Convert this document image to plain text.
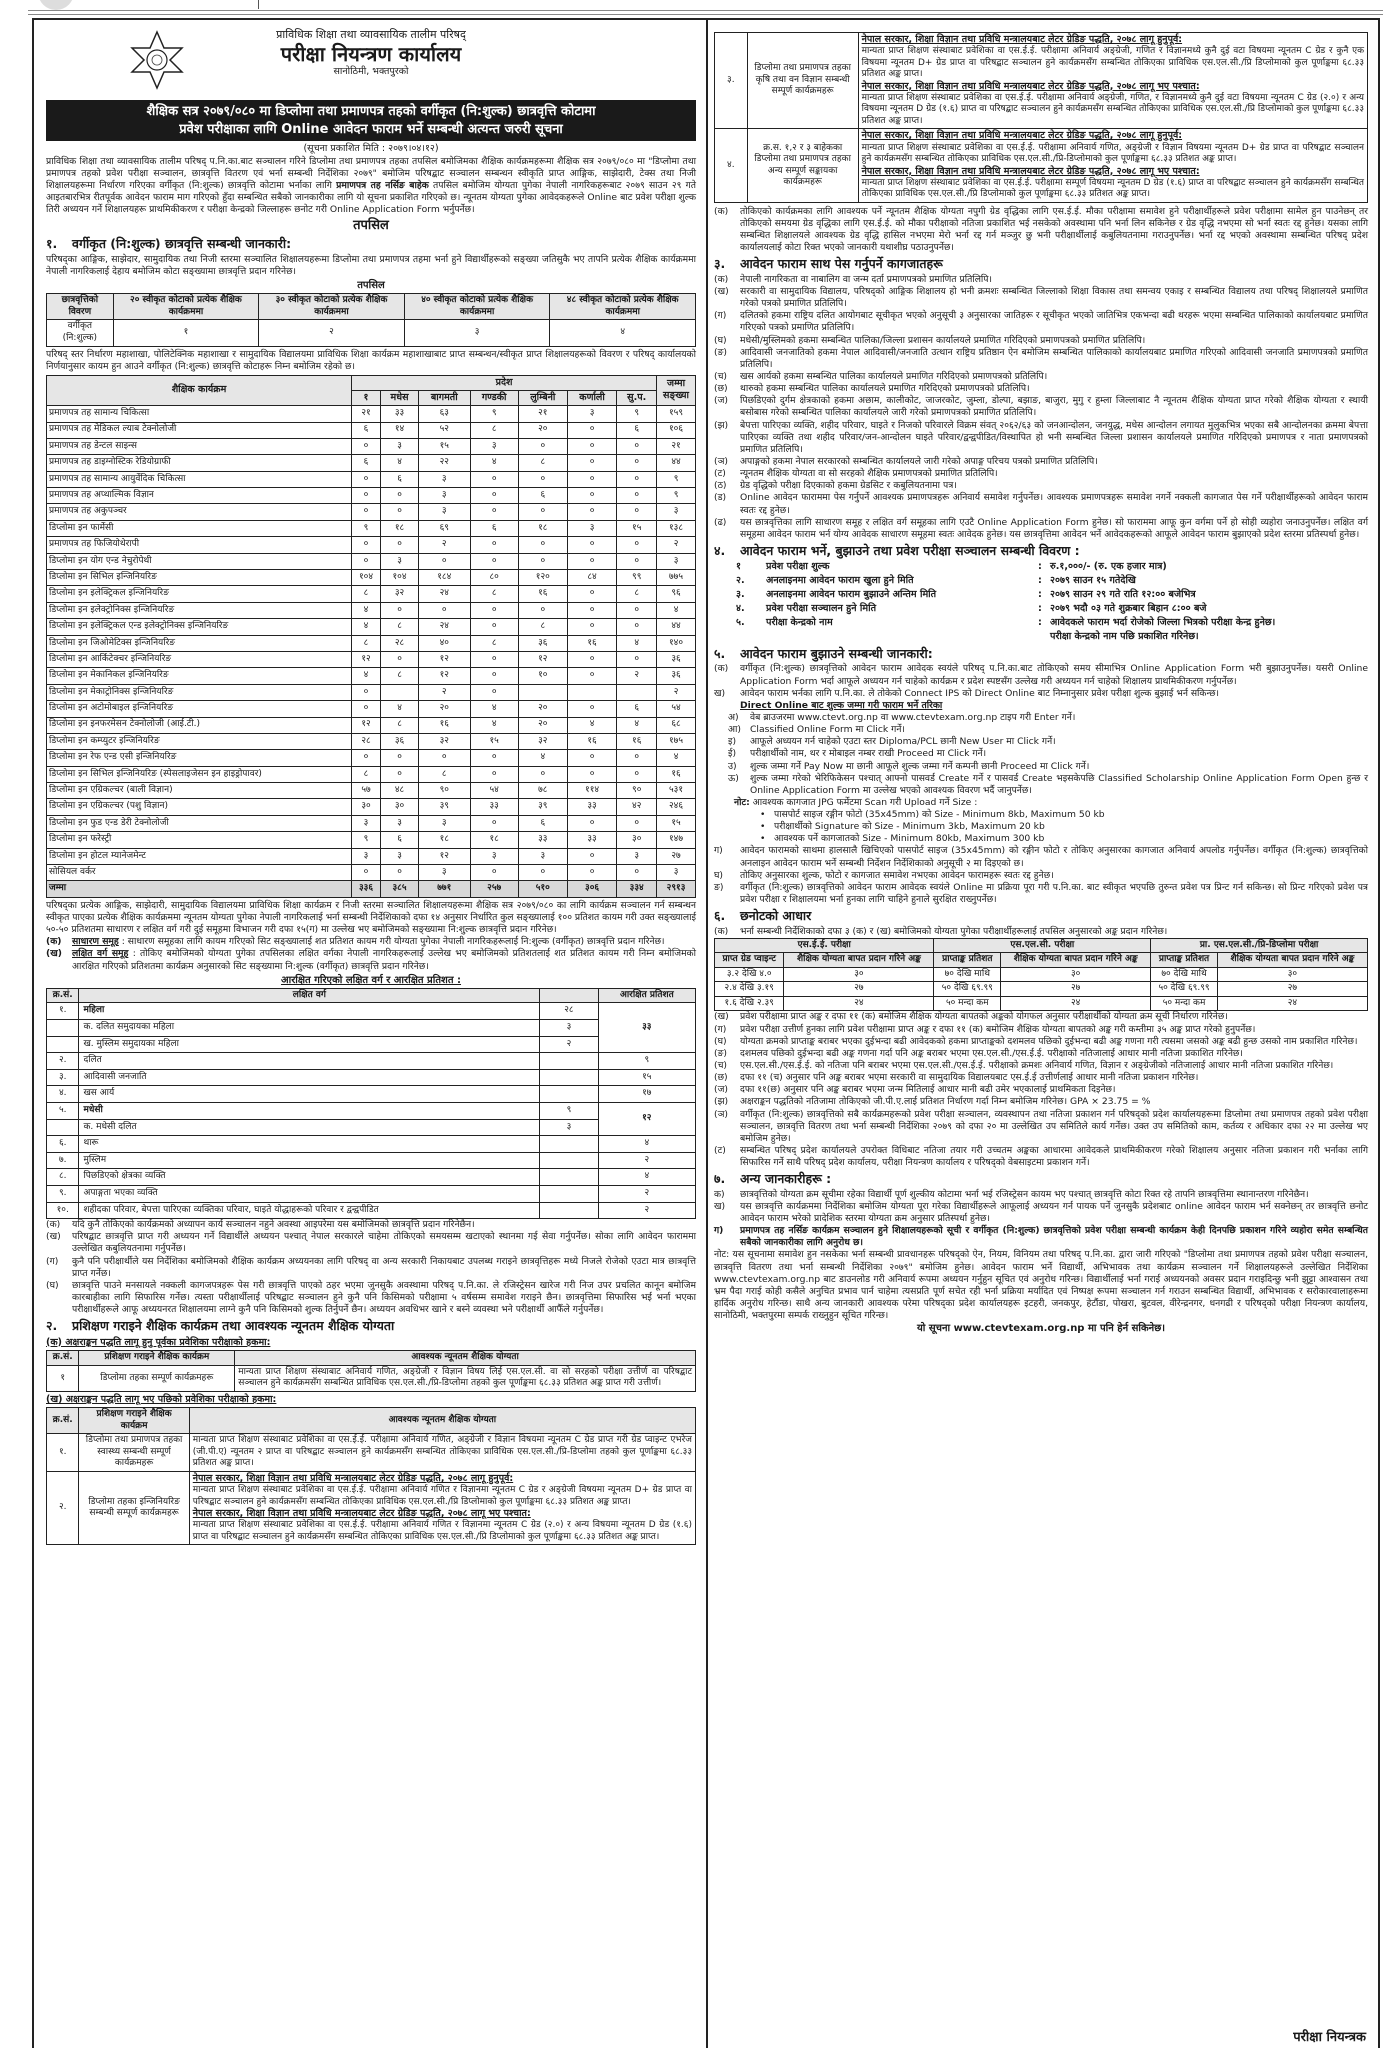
प्राविधिक शिक्षा तथा व्यावसायिक तालीम परिषद्
परीक्षा नियन्त्रण कार्यालय
सानोठिमी, भक्तपुरको
शैक्षिक सत्र २०७९/०८० मा डिप्लोमा तथा प्रमाणपत्र तहको वर्गीकृत (नि:शुल्क) छात्रवृत्ति कोटामा
प्रवेश परीक्षाका लागि Online आवेदन फाराम भर्ने सम्बन्धी अत्यन्त जरुरी सूचना
(सूचना प्रकाशित मिति : २०७९।०४।१२)

प्राविधिक शिक्षा तथा व्यावसायिक तालीम परिषद् प.नि.का.बाट सञ्चालन गरिने डिप्लोमा तथा प्रमाणपत्र तहका तपसिल बमोजिमका शैक्षिक कार्यक्रमहरूमा शैक्षिक सत्र २०७९/०८० मा "डिप्लोमा तथा प्रमाणपत्र तहको प्रवेश परीक्षा सञ्चालन, छात्रवृत्ति वितरण एवं भर्ना सम्बन्धी निर्देशिका २०७९" बमोजिम परिषद्बाट सञ्चालन सम्बन्धन स्वीकृति प्राप्त आङ्गिक, साझेदारी, टेक्स तथा निजी शिक्षालयहरूमा निर्धारण गरिएका वर्गीकृत (नि:शुल्क) छात्रवृत्ति कोटामा भर्नाका लागि प्रमाणपत्र तह नर्सिङ बाहेक तपसिल बमोजिम योग्यता पुगेका नेपाली नागरिकहरूबाट २०७९ साउन २९ गते आइतबारभित्र रीतपूर्वक आवेदन फाराम माग गरिएको हुँदा सम्बन्धित सबैको जानकारीका लागि यो सूचना प्रकाशित गरिएको छ। न्यूनतम योग्यता पुगेका आवेदकहरूले Online बाट प्रवेश परीक्षा शुल्क तिरी अध्ययन गर्ने शिक्षालयहरू प्राथमिकीकरण र परीक्षा केन्द्रको जिल्लाहरू छनोट गरी Online Application Form भर्नुपर्नेछ।

तपसिल
१. वर्गीकृत (नि:शुल्क) छात्रवृत्ति सम्बन्धी जानकारी:

परिषद्का आङ्गिक, साझेदार, सामुदायिक तथा निजी स्तरमा सञ्चालित शिक्षालयहरूमा डिप्लोमा तथा प्रमाणपत्र तहमा भर्ना हुने विद्यार्थीहरूको सङ्ख्या जतिसुकै भए तापनि प्रत्येक शैक्षिक कार्यक्रममा नेपाली नागरिकलाई देहाय बमोजिम कोटा सङ्ख्यामा छात्रवृत्ति प्रदान गरिनेछ।

तपसिल
छात्रवृत्तिको विवरण	२० स्वीकृत कोटाको प्रत्येक शैक्षिक कार्यक्रममा	३० स्वीकृत कोटाको प्रत्येक शैक्षिक कार्यक्रममा	४० स्वीकृत कोटाको प्रत्येक शैक्षिक कार्यक्रममा	४८ स्वीकृत कोटाको प्रत्येक शैक्षिक कार्यक्रममा
वर्गीकृत (नि:शुल्क)	१	२	३	४

परिषद् स्तर निर्धारण महाशाखा, पोलिटेक्निक महाशाखा र सामुदायिक विद्यालयमा प्राविधिक शिक्षा कार्यक्रम महाशाखाबाट प्राप्त सम्बन्धन/स्वीकृत प्राप्त शिक्षालयहरूको विवरण र परिषद् कार्यालयको निर्णयानुसार कायम हुन आउने वर्गीकृत (नि:शुल्क) छात्रवृत्ति कोटाहरू निम्न बमोजिम रहेको छ।

शैक्षिक कार्यक्रम	प्रदेश							जम्मा सङ्ख्या
	१	मधेस	बागमती	गण्डकी	लुम्बिनी	कर्णाली	सु.प.	
प्रमाणपत्र तह सामान्य चिकित्सा	२१	३३	६३	९	२१	३	९	१५९
प्रमाणपत्र तह मेडिकल ल्याब टेक्नोलोजी	६	१४	५२	८	२०	०	६	१०६
प्रमाणपत्र तह डेन्टल साइन्स	०	३	१५	३	०	०	०	२१
प्रमाणपत्र तह डाइग्नोस्टिक रेडियोग्राफी	६	४	२२	४	८	०	०	४४
प्रमाणपत्र तह सामान्य आयुर्वेदिक चिकित्सा	०	६	३	०	०	०	०	९
प्रमाणपत्र तह अप्थाल्मिक विज्ञान	०	०	३	०	६	०	०	९
प्रमाणपत्र तह अकुपञ्चर	०	०	३	०	०	०	०	३
डिप्लोमा इन फार्मेसी	९	१८	६९	६	१८	३	१५	१३८
प्रमाणपत्र तह फिजियोथेरापी	०	०	२	०	०	०	०	२
डिप्लोमा इन योग एन्ड नेचुरोपेथी	०	३	०	०	०	०	०	३
डिप्लोमा इन सिभिल इन्जिनियरिङ	१०४	१०४	१८४	८०	१२०	८४	९९	७७५
डिप्लोमा इन इलेक्ट्रिकल इन्जिनियरिङ	८	३२	२४	८	१६	०	८	९६
डिप्लोमा इन इलेक्ट्रोनिक्स इन्जिनियरिङ	४	०	०	०	०	०	०	४
डिप्लोमा इन इलेक्ट्रिकल एन्ड इलेक्ट्रोनिक्स इन्जिनियरिङ	४	८	२४	०	८	०	०	४४
डिप्लोमा इन जिओमेटिक्स इन्जिनियरिङ	८	२८	४०	८	३६	१६	४	१४०
डिप्लोमा इन आर्किटेक्चर इन्जिनियरिङ	१२	०	१२	०	१२	०	०	३६
डिप्लोमा इन मेकानिकल इन्जिनियरिङ	४	८	१२	०	१०	०	२	३६
डिप्लोमा इन मेकाट्रोनिक्स इन्जिनियरिङ	०		२	०				२
डिप्लोमा इन अटोमोबाइल इन्जिनियरिङ	०	४	२०	४	२०	०	६	५४
डिप्लोमा इन इनफरमेसन टेक्नोलोजी (आई.टी.)	१२	८	१६	४	२०	४	४	६८
डिप्लोमा इन कम्प्युटर इन्जिनियरिङ	२८	३६	३२	१५	३२	१६	१६	१७५
डिप्लोमा इन रेफ एन्ड एसी इन्जिनियरिङ	०	०	०	०	४	०	०	४
डिप्लोमा इन सिभिल इन्जिनियरिङ (स्पेसलाइजेसन इन हाइड्रोपावर)	८	०	८	०	०	०	०	१६
डिप्लोमा इन एग्रिकल्चर (बाली विज्ञान)	५७	४८	९०	५४	७८	११४	९०	५३१
डिप्लोमा इन एग्रिकल्चर (पशु विज्ञान)	३०	३०	३९	३३	३९	३३	४२	२४६
डिप्लोमा इन फुड एन्ड डेरी टेक्नोलोजी	३	३	३	०	६	०	०	१५
डिप्लोमा इन फरेस्ट्री	९	६	१८	१८	३३	३३	३०	१४७
डिप्लोमा इन होटल म्यानेजमेन्ट	३	३	१२	३	३	०	३	२७
सोसियल वर्कर	०	०	३	०	०	०	०	३
जम्मा	३३६	३८५	७७१	२५७	५१०	३०६	३३४	२९१३

परिषद्का प्रत्येक आङ्गिक, साझेदारी, सामुदायिक विद्यालयमा प्राविधिक शिक्षा कार्यक्रम र निजी स्तरमा सञ्चालित शिक्षालयहरूमा शैक्षिक सत्र २०७९/०८० का लागि कार्यक्रम सञ्चालन गर्न सम्बन्धन स्वीकृत पाएका प्रत्येक शैक्षिक कार्यक्रममा न्यूनतम योग्यता पुगेका नेपाली नागरिकलाई भर्ना सम्बन्धी निर्देशिकाको दफा १४ अनुसार निर्धारित कुल सङ्ख्यालाई १०० प्रतिशत कायम गरी उक्त सङ्ख्यालाई ५०-५० प्रतिशतमा साधारण र लक्षित वर्ग गरी दुई समूहमा विभाजन गरी दफा १५(ग) मा उल्लेख भए बमोजिमको सङ्ख्यामा नि:शुल्क छात्रवृत्ति प्रदान गरिनेछ।

(क)	साधारण समूह : साधारण समूहका लागि कायम गरिएको सिट सङ्ख्यालाई शत प्रतिशत कायम गरी योग्यता पुगेका नेपाली नागरिकहरूलाई नि:शुल्क (वर्गीकृत) छात्रवृत्ति प्रदान गरिनेछ।
(ख)	लक्षित वर्ग समूह : तोकिए बमोजिमको योग्यता पुगेका तपसिलका लक्षित वर्गका नेपाली नागरिकहरूलाई उल्लेख भए बमोजिमको प्रतिशतलाई शत प्रतिशत कायम गरी निम्न बमोजिमको आरक्षित गरिएको प्रतिशतमा कार्यक्रम अनुसारको सिट सङ्ख्यामा नि:शुल्क (वर्गीकृत) छात्रवृत्ति प्रदान गरिनेछ।
आरक्षित गरिएको लक्षित वर्ग र आरक्षित प्रतिशत :
क्र.सं.	लक्षित वर्ग		आरक्षित प्रतिशत
१.	महिला	२८	३३
	क. दलित समुदायका महिला	३	
	ख. मुस्लिम समुदायका महिला	२	
२.	दलित		९
३.	आदिवासी जनजाति		१५
४.	खस आर्य		१७
५.	मधेसी	९	१२
	क. मधेसी दलित	३	
६.	थारू		४
७.	मुस्लिम		२
८.	पिछडिएको क्षेत्रका व्यक्ति		४
९.	अपाङ्गता भएका व्यक्ति		२
१०.	शहीदका परिवार, बेपत्ता पारिएका व्यक्तिका परिवार, घाइते योद्धाहरूको परिवार र द्वन्द्वपीडित		२
(क)	यदि कुनै तोकिएको कार्यक्रमको अध्यापन कार्य सञ्चालन नहुने अवस्था आइपरेमा यस बमोजिमको छात्रवृत्ति प्रदान गरिनेछैन।
(ख)	परिषद्बाट छात्रवृत्ति प्राप्त गरी अध्ययन गर्ने विद्यार्थीले अध्ययन पश्चात् नेपाल सरकारले चाहेमा तोकिएको समयसम्म खटाएको स्थानमा गई सेवा गर्नुपर्नेछ। सोका लागि आवेदन फाराममा उल्लेखित कबुलियतनामा गर्नुपर्नेछ।
(ग)	कुनै पनि परीक्षार्थीले यस निर्देशिका बमोजिमको शैक्षिक कार्यक्रम अध्ययनका लागि परिषद् वा अन्य सरकारी निकायबाट उपलब्ध गराइने छात्रवृत्तिहरू मध्ये निजले रोजेको एउटा मात्र छात्रवृत्ति प्राप्त गर्नेछ।
(घ)	छात्रवृत्ति पाउने मनसायले नक्कली कागजपत्रहरू पेस गरी छात्रवृत्ति पाएको ठहर भएमा जुनसुकै अवस्थामा परिषद् प.नि.का. ले रजिस्ट्रेसन खारेज गरी निज उपर प्रचलित कानून बमोजिम कारबाहीका लागि सिफारिस गर्नेछ। त्यस्ता परीक्षार्थीलाई परिषद्बाट सञ्चालन हुने कुनै पनि किसिमको परीक्षामा ५ वर्षसम्म समावेश गराइने छैन। छात्रवृत्तिमा सिफारिस भई भर्ना भएका परीक्षार्थीहरूले आफू अध्ययनरत शिक्षालयमा लाग्ने कुनै पनि किसिमको शुल्क तिर्नुपर्ने छैन। अध्ययन अवधिभर खाने र बस्ने व्यवस्था भने परीक्षार्थी आफैँले गर्नुपर्नेछ।
२. प्रशिक्षण गराइने शैक्षिक कार्यक्रम तथा आवश्यक न्यूनतम शैक्षिक योग्यता
(क) अक्षराङ्कन पद्धति लागू हुनु पूर्वका प्रवेशिका परीक्षाको हकमा:
क्र.सं.	प्रशिक्षण गराइने शैक्षिक कार्यक्रम	आवश्यक न्यूनतम शैक्षिक योग्यता
१	डिप्लोमा तहका सम्पूर्ण कार्यक्रमहरू	मान्यता प्राप्त शिक्षण संस्थाबाट अनिवार्य गणित, अङ्ग्रेजी र विज्ञान विषय लिई एस.एल.सी. वा सो सरहको परीक्षा उत्तीर्ण वा परिषद्बाट सञ्चालन हुने कार्यक्रमसँग सम्बन्धित प्राविधिक एस.एल.सी./प्रि-डिप्लोमा तहको कुल पूर्णाङ्कमा ६८.३३ प्रतिशत अङ्क प्राप्त गरी उत्तीर्ण।
(ख) अक्षराङ्कन पद्धति लागू भए पछिको प्रवेशिका परीक्षाको हकमा:
क्र.सं.	प्रशिक्षण गराइने शैक्षिक कार्यक्रम	आवश्यक न्यूनतम शैक्षिक योग्यता
१.	डिप्लोमा तथा प्रमाणपत्र तहका स्वास्थ्य सम्बन्धी सम्पूर्ण कार्यक्रमहरू	मान्यता प्राप्त शिक्षण संस्थाबाट प्रवेशिका वा एस.ई.ई. परीक्षामा अनिवार्य गणित, अङ्ग्रेजी र विज्ञान विषयमा न्यूनतम C ग्रेड प्राप्त गरी ग्रेड प्वाइन्ट एभरेज (जी.पी.ए) न्यूनतम २ प्राप्त वा परिषद्बाट सञ्चालन हुने कार्यक्रमसँग सम्बन्धित तोकिएका प्राविधिक एस.एल.सी./प्रि-डिप्लोमा तहको कुल पूर्णाङ्कमा ६८.३३ प्रतिशत अङ्क प्राप्त।
२.	डिप्लोमा तहका इन्जिनियरिङ सम्बन्धी सम्पूर्ण कार्यक्रमहरू	नेपाल सरकार, शिक्षा विज्ञान तथा प्रविधि मन्त्रालयबाट लेटर ग्रेडिङ पद्धति, २०७८ लागू हुनुपूर्व:
मान्यता प्राप्त शिक्षण संस्थाबाट प्रवेशिका वा एस.ई.ई. परीक्षामा अनिवार्य गणित र विज्ञानमा न्यूनतम C ग्रेड र अङ्ग्रेजी विषयमा न्यूनतम D+ ग्रेड प्राप्त वा परिषद्बाट सञ्चालन हुने कार्यक्रमसँग सम्बन्धित तोकिएका प्राविधिक एस.एल.सी./प्रि डिप्लोमाको कुल पूर्णाङ्कमा ६८.३३ प्रतिशत अङ्क प्राप्त।
नेपाल सरकार, शिक्षा विज्ञान तथा प्रविधि मन्त्रालयबाट लेटर ग्रेडिङ पद्धति, २०७८ लागू भए पश्चात:
मान्यता प्राप्त शिक्षण संस्थाबाट प्रवेशिका वा एस.ई.ई. परीक्षामा अनिवार्य गणित र विज्ञानमा न्यूनतम C ग्रेड (२.०) र अन्य विषयमा न्यूनतम D ग्रेड (१.६) प्राप्त वा परिषद्बाट सञ्चालन हुने कार्यक्रमसँग सम्बन्धित तोकिएका प्राविधिक एस.एल.सी./प्रि डिप्लोमाको कुल पूर्णाङ्कमा ६८.३३ प्रतिशत अङ्क प्राप्त।
३.	डिप्लोमा तथा प्रमाणपत्र तहका कृषि तथा वन विज्ञान सम्बन्धी सम्पूर्ण कार्यक्रमहरू	नेपाल सरकार, शिक्षा विज्ञान तथा प्रविधि मन्त्रालयबाट लेटर ग्रेडिङ पद्धति, २०७८ लागू हुनुपूर्व:
मान्यता प्राप्त शिक्षण संस्थाबाट प्रवेशिका वा एस.ई.ई. परीक्षामा अनिवार्य अङ्ग्रेजी, गणित र विज्ञानमध्ये कुनै दुई वटा विषयमा न्यूनतम C ग्रेड र कुनै एक विषयमा न्यूनतम D+ ग्रेड प्राप्त वा परिषद्बाट सञ्चालन हुने कार्यक्रमसँग सम्बन्धित तोकिएका प्राविधिक एस.एल.सी./प्रि डिप्लोमाको कुल पूर्णाङ्कमा ६८.३३ प्रतिशत अङ्क प्राप्त।
नेपाल सरकार, शिक्षा विज्ञान तथा प्रविधि मन्त्रालयबाट लेटर ग्रेडिङ पद्धति, २०७८ लागू भए पश्चात:
मान्यता प्राप्त शिक्षण संस्थाबाट प्रवेशिका वा एस.ई.ई. परीक्षामा अनिवार्य अङ्ग्रेजी, गणित, र विज्ञानमध्ये कुनै दुई वटा विषयमा न्यूनतम C ग्रेड (२.०) र अन्य विषयमा न्यूनतम D ग्रेड (१.६) प्राप्त वा परिषद्बाट सञ्चालन हुने कार्यक्रमसँग सम्बन्धित तोकिएका प्राविधिक एस.एल.सी./प्रि डिप्लोमाको कुल पूर्णाङ्कमा ६८.३३ प्रतिशत अङ्क प्राप्त।
४.	क्र.स. १,२ र ३ बाहेकका डिप्लोमा तथा प्रमाणपत्र तहका अन्य सम्पूर्ण सङ्कायका कार्यक्रमहरू	नेपाल सरकार, शिक्षा विज्ञान तथा प्रविधि मन्त्रालयबाट लेटर ग्रेडिङ पद्धति, २०७८ लागू हुनुपूर्व:
मान्यता प्राप्त शिक्षण संस्थाबाट प्रवेशिका वा एस.ई.ई. परीक्षामा अनिवार्य गणित, अङ्ग्रेजी र विज्ञान विषयमा न्यूनतम D+ ग्रेड प्राप्त वा परिषद्बाट सञ्चालन हुने कार्यक्रमसँग सम्बन्धित तोकिएका प्राविधिक एस.एल.सी./प्रि-डिप्लोमाको कुल पूर्णाङ्कमा ६८.३३ प्रतिशत अङ्क प्राप्त।
नेपाल सरकार, शिक्षा विज्ञान तथा प्रविधि मन्त्रालयबाट लेटर ग्रेडिङ पद्धति, २०७८ लागू भए पश्चात:
मान्यता प्राप्त शिक्षण संस्थाबाट प्रवेशिका वा एस.ई.ई. परीक्षामा सम्पूर्ण विषयमा न्यूनतम D ग्रेड (१.६) प्राप्त वा परिषद्बाट सञ्चालन हुने कार्यक्रमसँग सम्बन्धित तोकिएका प्राविधिक एस.एल.सी./प्रि डिप्लोमाको कुल पूर्णाङ्कमा ६८.३३ प्रतिशत अङ्क प्राप्त।
(क)	तोकिएको कार्यक्रमका लागि आवश्यक पर्ने न्यूनतम शैक्षिक योग्यता नपुगी ग्रेड वृद्धिका लागि एस.ई.ई. मौका परीक्षामा समावेश हुने परीक्षार्थीहरूले प्रवेश परीक्षामा सामेल हुन पाउनेछन् तर तोकिएको समयमा ग्रेड वृद्धिका लागि एस.ई.ई. को मौका परीक्षाको नतिजा प्रकाशित भई नसकेको अवस्थामा पनि भर्ना लिन सकिनेछ र ग्रेड वृद्धि नभएमा सो भर्ना स्वतः रद्द हुनेछ। यसका लागि सम्बन्धित शिक्षालयले आवश्यक ग्रेड वृद्धि हासिल नभएमा मेरो भर्ना रद्द गर्न मञ्जुर छु भनी परीक्षार्थीलाई कबुलियतनामा गराउनुपर्नेछ। भर्ना रद्द भएको अवस्थामा सम्बन्धित परिषद् प्रदेश कार्यालयलाई कोटा रिक्त भएको जानकारी यथाशीघ्र पठाउनुपर्नेछ।
३. आवेदन फाराम साथ पेस गर्नुपर्ने कागजातहरू
(क)	नेपाली नागरिकता वा नाबालिग वा जन्म दर्ता प्रमाणपत्रको प्रमाणित प्रतिलिपि।
(ख)	सरकारी वा सामुदायिक विद्यालय, परिषद्को आङ्गिक शिक्षालय हो भनी क्रमशः सम्बन्धित जिल्लाको शिक्षा विकास तथा समन्वय एकाइ र सम्बन्धित विद्यालय तथा परिषद् शिक्षालयले प्रमाणित गरेको पत्रको प्रमाणित प्रतिलिपि।
(ग)	दलितको हकमा राष्ट्रिय दलित आयोगबाट सूचीकृत भएको अनुसूची ३ अनुसारका जातिहरू र सूचीकृत भएको जातिभित्र एकभन्दा बढी थरहरू भएमा सम्बन्धित पालिकाको कार्यालयबाट प्रमाणित गरिएको पत्रको प्रमाणित प्रतिलिपि।
(घ)	मधेसी/मुस्लिमको हकमा सम्बन्धित पालिका/जिल्ला प्रशासन कार्यालयले प्रमाणित गरिदिएको प्रमाणपत्रको प्रमाणित प्रतिलिपि।
(ङ)	आदिवासी जनजातिको हकमा नेपाल आदिवासी/जनजाति उत्थान राष्ट्रिय प्रतिष्ठान ऐन बमोजिम सम्बन्धित पालिकाको कार्यालयबाट प्रमाणित गरिएको आदिवासी जनजाति प्रमाणपत्रको प्रमाणित प्रतिलिपि।
(च)	खस आर्यको हकमा सम्बन्धित पालिका कार्यालयले प्रमाणित गरिदिएको प्रमाणपत्रको प्रतिलिपि।
(छ)	थारुको हकमा सम्बन्धित पालिका कार्यालयले प्रमाणित गरिदिएको प्रमाणपत्रको प्रतिलिपि।
(ज)	पिछडिएको दुर्गम क्षेत्रकाको हकमा अछाम, कालीकोट, जाजरकोट, जुम्ला, डोल्पा, बझाङ, बाजुरा, मुगु र हुम्ला जिल्लाबाट नै न्यूनतम शैक्षिक योग्यता प्राप्त गरेको शैक्षिक योग्यता र स्थायी बसोबास गरेको सम्बन्धित पालिका कार्यालयले जारी गरेको प्रमाणपत्रको प्रमाणित प्रतिलिपि।
(झ)	बेपत्ता पारिएका व्यक्ति, शहीद परिवार, घाइते र निजको परिवारले विक्रम संवत् २०६२/६३ को जनआन्दोलन, जनयुद्ध, मधेस आन्दोलन लगायत मुलुकभित्र भएका सबै आन्दोलनका क्रममा बेपत्ता पारिएका व्यक्ति तथा शहीद परिवार/जन-आन्दोलन घाइते परिवार/द्वन्द्वपीडित/विस्थापित हो भनी सम्बन्धित जिल्ला प्रशासन कार्यालयले प्रमाणित गरिदिएको प्रमाणपत्र र नाता प्रमाणपत्रको प्रमाणित प्रतिलिपि।
(ञ)	अपाङ्गको हकमा नेपाल सरकारको सम्बन्धित कार्यालयले जारी गरेको अपाङ्ग परिचय पत्रको प्रमाणित प्रतिलिपि।
(ट)	न्यूनतम शैक्षिक योग्यता वा सो सरहको शैक्षिक प्रमाणपत्रको प्रमाणित प्रतिलिपि।
(ठ)	ग्रेड वृद्धिको परीक्षा दिएकाको हकमा ग्रेडसिट र कबुलियतनामा पत्र।
(ड)	Online आवेदन फाराममा पेस गर्नुपर्ने आवश्यक प्रमाणपत्रहरू अनिवार्य समावेश गर्नुपर्नेछ। आवश्यक प्रमाणपत्रहरू समावेश नगर्ने नक्कली कागजात पेस गर्ने परीक्षार्थीहरूको आवेदन फाराम स्वतः रद्द हुनेछ।
(ढ)	यस छात्रवृत्तिका लागि साधारण समूह र लक्षित वर्ग समूहका लागि एउटै Online Application Form हुनेछ। सो फाराममा आफू कुन वर्गमा पर्ने हो सोही व्यहोरा जनाउनुपर्नेछ। लक्षित वर्ग समूहमा आवेदन फाराम भर्न योग्य आवेदक साधारण समूहमा स्वतः आवेदक हुनेछ। यस छात्रवृत्तिमा आवेदन भर्ने आवेदकहरूको आफूले आवेदन फाराम बुझाएको प्रदेश स्तरमा प्रतिस्पर्धा हुनेछ।
४. आवेदन फाराम भर्ने, बुझाउने तथा प्रवेश परीक्षा सञ्चालन सम्बन्धी विवरण :
१	प्रवेश परीक्षा शुल्क	: रु.१,०००/- (रु. एक हजार मात्र)
२.	अनलाइनमा आवेदन फाराम खुला हुने मिति	: २०७९ साउन १५ गतेदेखि
३.	अनलाइनमा आवेदन फाराम बुझाउने अन्तिम मिति	: २०७९ साउन २९ गते राति १२:०० बजेभित्र
४.	प्रवेश परीक्षा सञ्चालन हुने मिति	: २०७९ भदौ ०३ गते शुक्रबार बिहान ८:०० बजे
५.	परीक्षा केन्द्रको नाम	: आवेदकले फाराम भर्दा रोजेको जिल्ला भित्रको परीक्षा केन्द्र हुनेछ।
परीक्षा केन्द्रको नाम पछि प्रकाशित गरिनेछ।
५. आवेदन फाराम बुझाउने सम्बन्धी जानकारी:
(क)	वर्गीकृत (नि:शुल्क) छात्रवृत्तिको आवेदन फाराम आवेदक स्वयंले परिषद् प.नि.का.बाट तोकिएको समय सीमाभित्र Online Application Form भरी बुझाउनुपर्नेछ। यसरी Online Application Form भर्दा आफूले अध्ययन गर्न चाहेको कार्यक्रम र प्रदेश स्पष्टसँग उल्लेख गरी अध्ययन गर्न चाहेको शिक्षालय प्राथमिकीकरण गर्नुपर्नेछ।
ख)	आवेदन फाराम भर्नका लागि प.नि.का. ले तोकेको Connect IPS को Direct Online बाट निम्नानुसार प्रवेश परीक्षा शुल्क बुझाई भर्न सकिन्छ।
Direct Online बाट शुल्क जम्मा गरी फाराम भर्ने तरिका
अ)	वेब ब्राउजरमा www.ctevt.org.np वा www.ctevtexam.org.np टाइप गरी Enter गर्ने।
आ) Classified Online Form मा Click गर्ने।
इ)	आफूले अध्ययन गर्न चाहेको एउटा स्तर Diploma/PCL छानी New User मा Click गर्ने।
ई)	परीक्षार्थीको नाम, थर र मोबाइल नम्बर राखी Proceed मा Click गर्ने।
उ)	शुल्क जम्मा गर्ने Pay Now मा छानी आफूले शुल्क जम्मा गर्ने कम्पनी छानी Proceed मा Click गर्ने।
ऊ)	शुल्क जम्मा गरेको भेरिफिकेसन पश्चात् आफ्नो पासवर्ड Create गर्ने र पासवर्ड Create भइसकेपछि Classified Scholarship Online Application Form Open हुन्छ र Online Application Form मा उल्लेख भएको आवश्यक विवरण भर्दै जानुपर्नेछ।
नोट: आवश्यक कागजात JPG फर्मेटमा Scan गरी Upload गर्ने Size :
• पासपोर्ट साइज रङ्गीन फोटो (35x45mm) को Size - Minimum 8kb, Maximum 50 kb
• परीक्षार्थीको Signature को Size - Minimum 3kb, Maximum 20 kb
• आवश्यक पर्ने कागजातको Size - Minimum 80kb, Maximum 300 kb
ग)	आवेदन फारामको साथमा हालसालै खिचिएको पासपोर्ट साइज (35x45mm) को रङ्गीन फोटो र तोकिए अनुसारका कागजात अनिवार्य अपलोड गर्नुपर्नेछ। वर्गीकृत (नि:शुल्क) छात्रवृत्तिको अनलाइन आवेदन फाराम भर्ने सम्बन्धी निर्देशन निर्देशिकाको अनुसूची २ मा दिइएको छ।
घ)	तोकिए अनुसारका शुल्क, फोटो र कागजात समावेश नभएका आवेदन फारामहरू स्वतः रद्द हुनेछ।
ङ)	वर्गीकृत (नि:शुल्क) छात्रवृत्तिको आवेदन फाराम आवेदक स्वयंले Online मा प्रक्रिया पूरा गरी प.नि.का. बाट स्वीकृत भएपछि तुरुन्त प्रवेश पत्र प्रिन्ट गर्न सकिन्छ। सो प्रिन्ट गरिएको प्रवेश पत्र प्रवेश परीक्षा र शिक्षालयमा भर्ना हुनका लागि चाहिने हुनाले सुरक्षित राख्नुपर्नेछ।
६. छनोटको आधार
(क)	भर्ना सम्बन्धी निर्देशिकाको दफा ३ (क) र (ख) बमोजिमको योग्यता पुगेका परीक्षार्थीहरूलाई तपसिल अनुसारको अङ्क प्रदान गरिनेछ।
एस.ई.ई. परीक्षा		एस.एल.सी. परीक्षा		प्रा. एस.एल.सी./प्रि-डिप्लोमा परीक्षा	
प्राप्त ग्रेड प्वाइन्ट	शैक्षिक योग्यता बापत प्रदान गरिने अङ्क	प्राप्ताङ्क प्रतिशत	शैक्षिक योग्यता बापत प्रदान गरिने अङ्क	प्राप्ताङ्क प्रतिशत	शैक्षिक योग्यता बापत प्रदान गरिने अङ्क
३.२ देखि ४.०	३०	७० देखि माथि	३०	७० देखि माथि	३०
२.४ देखि ३.१९	२७	५० देखि ६९.९९	२७	५० देखि ६९.९९	२७
१.६ देखि २.३९	२४	५० मन्दा कम	२४	५० मन्दा कम	२४
(ख)	प्रवेश परीक्षामा प्राप्त अङ्क र दफा ११ (क) बमोजिम शैक्षिक योग्यता बापतको अङ्कको योगफल अनुसार परीक्षार्थीको योग्यता क्रम सूची निर्धारण गरिनेछ।
(ग)	प्रवेश परीक्षा उत्तीर्ण हुनका लागि प्रवेश परीक्षामा प्राप्त अङ्क र दफा ११ (क) बमोजिम शैक्षिक योग्यता बापतको अङ्क गरी कम्तीमा ३५ अङ्क प्राप्त गरेको हुनुपर्नेछ।
(घ)	योग्यता क्रमको प्राप्ताङ्क बराबर भएका दुईभन्दा बढी आवेदकको हकमा प्राप्ताङ्कको दशमलव पछिको दुईभन्दा बढी अङ्क गणना गरी त्यसमा जसको अङ्क बढी हुन्छ उसको नाम प्रकाशित गरिनेछ।
(ङ)	दशमलव पछिको दुईभन्दा बढी अङ्क गणना गर्दा पनि अङ्क बराबर भएमा एस.एल.सी./एस.ई.ई. परीक्षाको नतिजालाई आधार मानी नतिजा प्रकाशित गरिनेछ।
(च)	एस.एल.सी./एस.ई.ई. को नतिजा पनि बराबर भएमा एस.एल.सी./एस.ई.ई. परीक्षाको क्रमशः अनिवार्य गणित, विज्ञान र अङ्ग्रेजीको नतिजालाई आधार मानी नतिजा प्रकाशित गरिनेछ।
(छ)	दफा ११ (च) अनुसार पनि अङ्क बराबर भएमा सरकारी वा सामुदायिक विद्यालयबाट एस.ई.ई उत्तीर्णलाई आधार मानी नतिजा प्रकाशन गरिनेछ।
(ज)	दफा ११(छ) अनुसार पनि अङ्क बराबर भएमा जन्म मितिलाई आधार मानी बढी उमेर भएकालाई प्राथमिकता दिइनेछ।
(झ)	अक्षराङ्कन पद्धतिको नतिजामा तोकिएको जी.पी.ए.लाई प्रतिशत निर्धारण गर्दा निम्न बमोजिम गरिनेछ। GPA × 23.75 = %
(ञ)	वर्गीकृत (नि:शुल्क) छात्रवृत्तिको सबै कार्यक्रमहरूको प्रवेश परीक्षा सञ्चालन, व्यवस्थापन तथा नतिजा प्रकाशन गर्न परिषद्को प्रदेश कार्यालयहरूमा डिप्लोमा तथा प्रमाणपत्र तहको प्रवेश परीक्षा सञ्चालन, छात्रवृत्ति वितरण तथा भर्ना सम्बन्धी निर्देशिका २०७९ को दफा २० मा उल्लेखित उप समितिले कार्य गर्नेछ। उक्त उप समितिको काम, कर्तव्य र अधिकार दफा २२ मा उल्लेख भए बमोजिम हुनेछ।
(ट)	सम्बन्धित परिषद् प्रदेश कार्यालयले उपरोक्त विधिबाट नतिजा तयार गरी उच्चतम अङ्कका आधारमा आवेदकले प्राथमिकीकरण गरेको शिक्षालय अनुसार नतिजा प्रकाशन गरी भर्नाका लागि सिफारिस गर्ने साथै परिषद् प्रदेश कार्यालय, परीक्षा नियन्त्रण कार्यालय र परिषद्को वेबसाइटमा प्रकाशन गर्ने।
७. अन्य जानकारीहरू :
क)	छात्रवृत्तिको योग्यता क्रम सूचीमा रहेका विद्यार्थी पूर्ण शुल्कीय कोटामा भर्ना भई रजिस्ट्रेसन कायम भए पश्चात् छात्रवृत्ति कोटा रिक्त रहे तापनि छात्रवृत्तिमा स्थानान्तरण गरिनेछैन।
ख)	यस छात्रवृत्ति कार्यक्रममा निर्देशिका बमोजिम योग्यता पूरा गरेका विद्यार्थीहरूले आफूलाई अध्ययन गर्न पायक पर्ने जुनसुकै प्रदेशबाट online आवेदन फाराम भर्न सक्नेछन् तर छात्रवृत्ति छनोट आवेदन फाराम भरेको प्रादेशिक स्तरमा योग्यता क्रम अनुसार प्रतिस्पर्धा हुनेछ।
ग)	प्रमाणपत्र तह नर्सिङ कार्यक्रम सञ्चालन हुने शिक्षालयहरूको सूची र वर्गीकृत (नि:शुल्क) छात्रवृत्तिको प्रवेश परीक्षा सम्बन्धी कार्यक्रम केही दिनपछि प्रकाशन गरिने व्यहोरा समेत सम्बन्धित सबैको जानकारीका लागि अनुरोध छ।

नोट: यस सूचनामा समावेश हुन नसकेका भर्ना सम्बन्धी प्रावधानहरू परिषद्को ऐन, नियम, विनियम तथा परिषद् प.नि.का. द्वारा जारी गरिएको "डिप्लोमा तथा प्रमाणपत्र तहको प्रवेश परीक्षा सञ्चालन, छात्रवृत्ति वितरण तथा भर्ना सम्बन्धी निर्देशिका २०७९" बमोजिम हुनेछ। आवेदन फाराम भर्ने विद्यार्थी, अभिभावक तथा कार्यक्रम सञ्चालन गर्ने शिक्षालयहरूले उल्लेखित निर्देशिका www.ctevtexam.org.np बाट डाउनलोड गरी अनिवार्य रूपमा अध्ययन गर्नुहुन सूचित एवं अनुरोध गरिन्छ। विद्यार्थीलाई भर्ना गराई अध्ययनको अवसर प्रदान गराइदिन्छु भनी झुट्टा आश्वासन तथा भ्रम पैदा गराई कोही कसैले अनुचित प्रभाव पार्न चाहेमा त्यसप्रति पूर्ण सचेत रही भर्ना प्रक्रिया मर्यादित एवं निष्पक्ष रूपमा सञ्चालन गर्न गराउन सम्बन्धित विद्यार्थी, अभिभावक र सरोकारवालाहरूमा हार्दिक अनुरोध गरिन्छ। साथै अन्य जानकारी आवश्यक परेमा परिषद्का प्रदेश कार्यालयहरू इटहरी, जनकपुर, हेटौंडा, पोखरा, बुटवल, वीरेन्द्रनगर, धनगढी र परिषद्को परीक्षा नियन्त्रण कार्यालय, सानोठिमी, भक्तपुरमा सम्पर्क राख्नुहुन सूचित गरिन्छ।

यो सूचना www.ctevtexam.org.np मा पनि हेर्न सकिनेछ।
परीक्षा नियन्त्रक
